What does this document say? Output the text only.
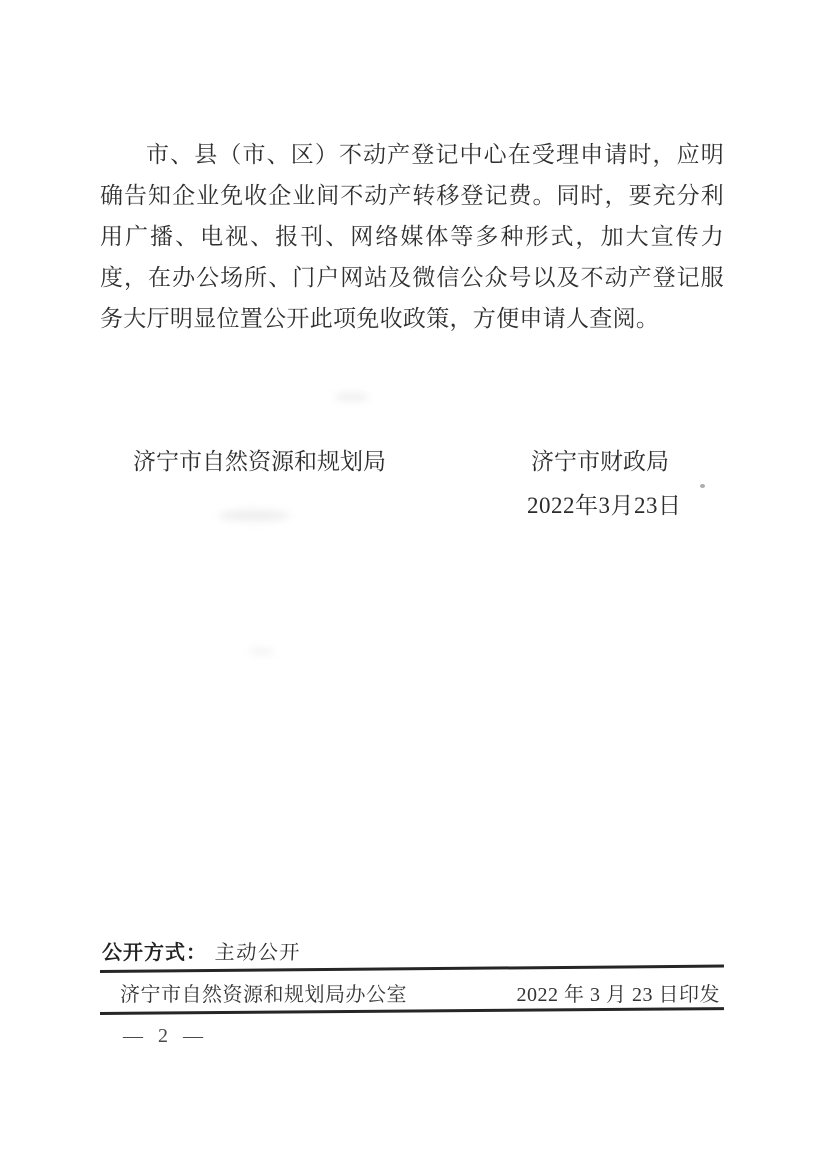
市、县（市、区）不动产登记中心在受理申请时，应明确告知企业免收企业间不动产转移登记费。同时，要充分利用广播、电视、报刊、网络媒体等多种形式，加大宣传力度，在办公场所、门户网站及微信公众号以及不动产登记服务大厅明显位置公开此项免收政策，方便申请人查阅。

济宁市自然资源和规划局	济宁市财政局
2022年3月23日
公开方式： 主动公开
济宁市自然资源和规划局办公室	2022 年 3 月 23 日印发
— 2 —
